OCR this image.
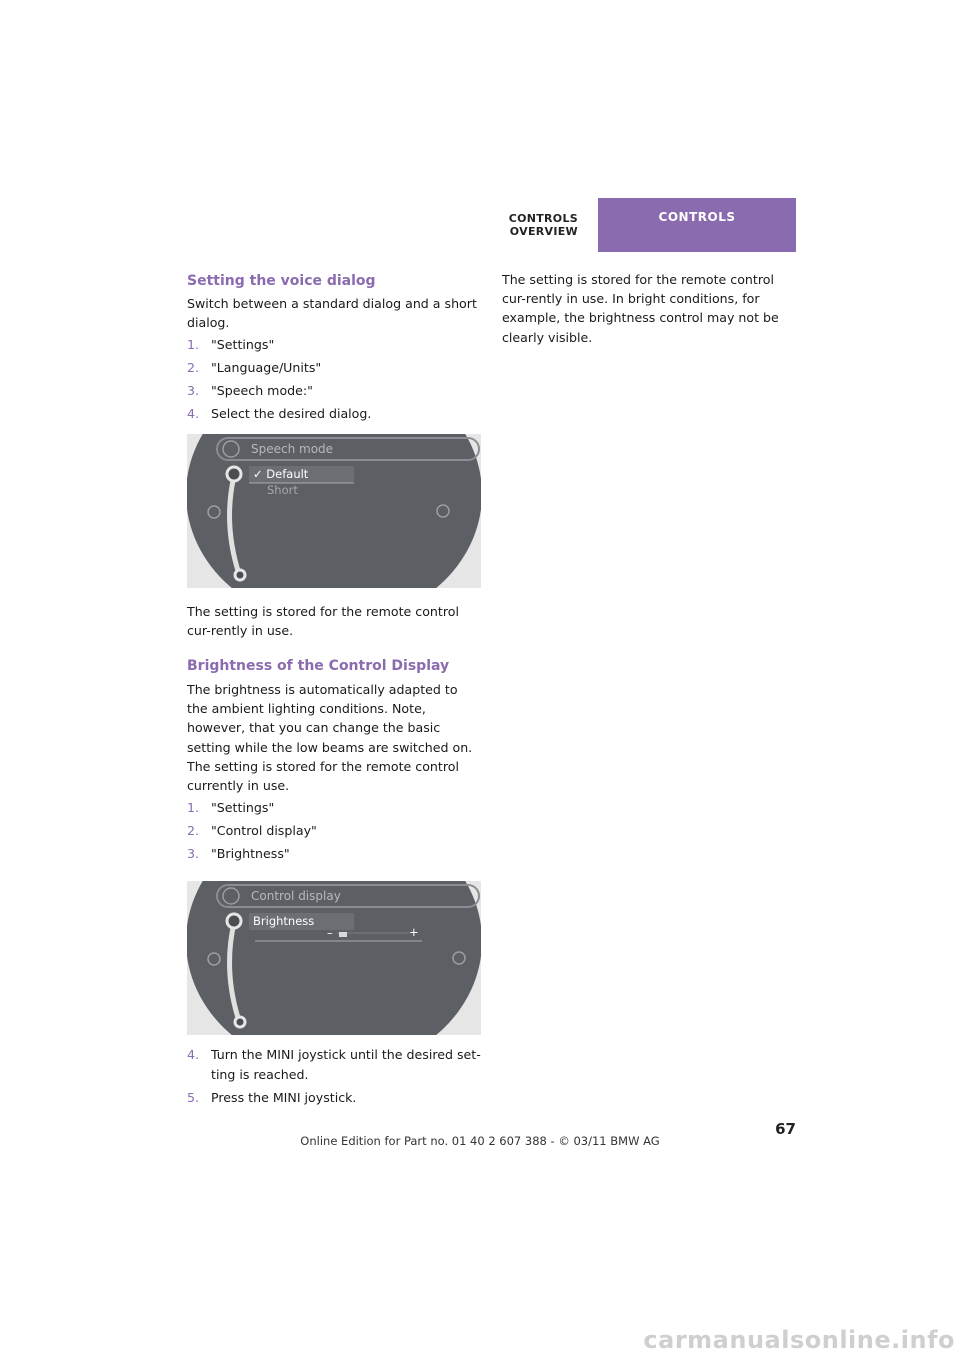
CONTROLS OVERVIEW
CONTROLS
Setting the voice dialog

Switch between a standard dialog and a short dialog.

1. "Settings"
2. "Language/Units"
3. "Speech mode:"
4. Select the desired dialog.
Speech mode
✓ Default
Short

The setting is stored for the remote control cur-rently in use.

Brightness of the Control Display

The brightness is automatically adapted to the ambient lighting conditions. Note, however, that you can change the basic setting while the low beams are switched on. The setting is stored for the remote control currently in use.

1. "Settings"
2. "Control display"
3. "Brightness"
Control display
Brightness
–	+
4. Turn the MINI joystick until the desired set-ting is reached.
5. Press the MINI joystick.

The setting is stored for the remote control cur-rently in use. In bright conditions, for example, the brightness control may not be clearly visible.

67
Online Edition for Part no. 01 40 2 607 388 - © 03/11 BMW AG
carmanualsonline.info
